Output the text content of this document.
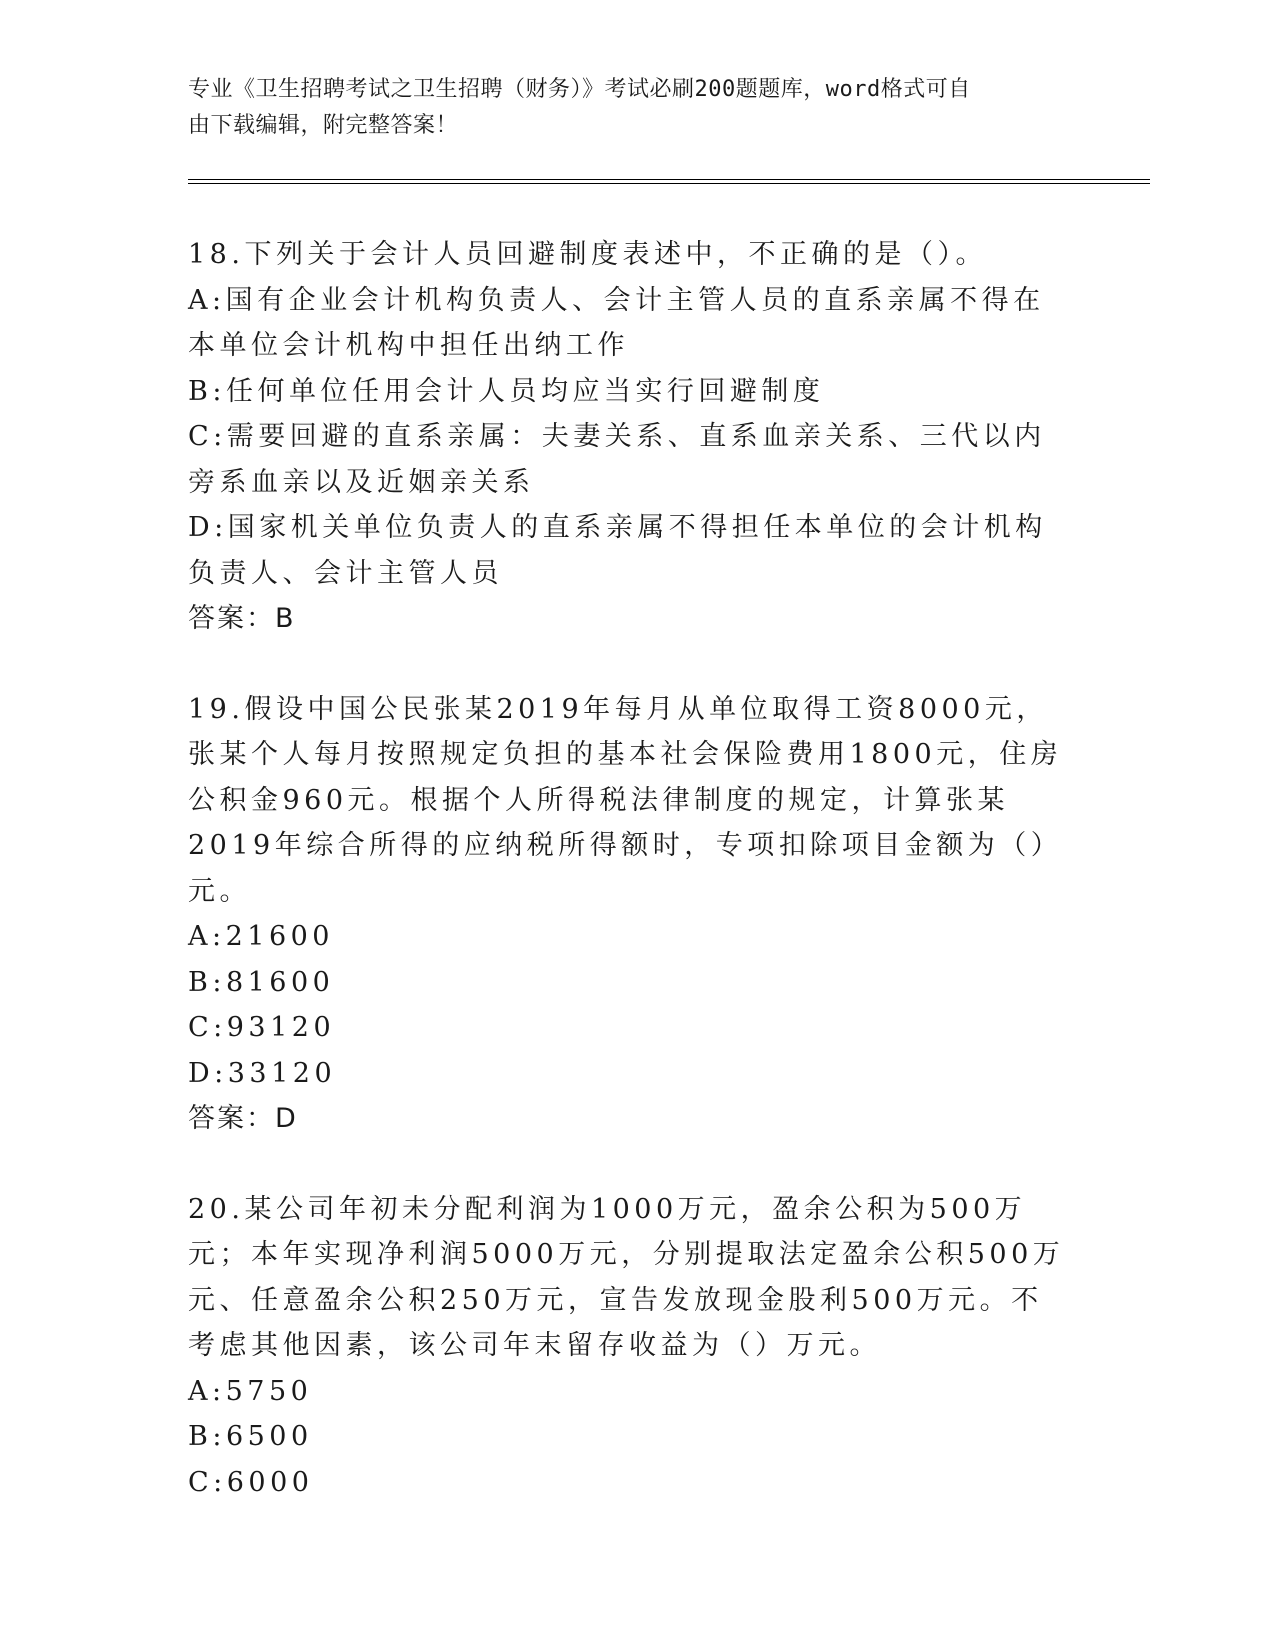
专业《卫生招聘考试之卫生招聘（财务）》考试必刷200题题库，word格式可自
由下载编辑，附完整答案！

18.下列关于会计人员回避制度表述中，不正确的是（）。

A:国有企业会计机构负责人、会计主管人员的直系亲属不得在本单位会计机构中担任出纳工作

B:任何单位任用会计人员均应当实行回避制度

C:需要回避的直系亲属：夫妻关系、直系血亲关系、三代以内旁系血亲以及近姻亲关系

D:国家机关单位负责人的直系亲属不得担任本单位的会计机构负责人、会计主管人员

答案：B

19.假设中国公民张某2019年每月从单位取得工资8000元，张某个人每月按照规定负担的基本社会保险费用1800元，住房公积金960元。根据个人所得税法律制度的规定，计算张某2019年综合所得的应纳税所得额时，专项扣除项目金额为（）元。

A:21600

B:81600

C:93120

D:33120

答案：D

20.某公司年初未分配利润为1000万元，盈余公积为500万元；本年实现净利润5000万元，分别提取法定盈余公积500万元、任意盈余公积250万元，宣告发放现金股利500万元。不考虑其他因素，该公司年末留存收益为（）万元。

A:5750

B:6500

C:6000
